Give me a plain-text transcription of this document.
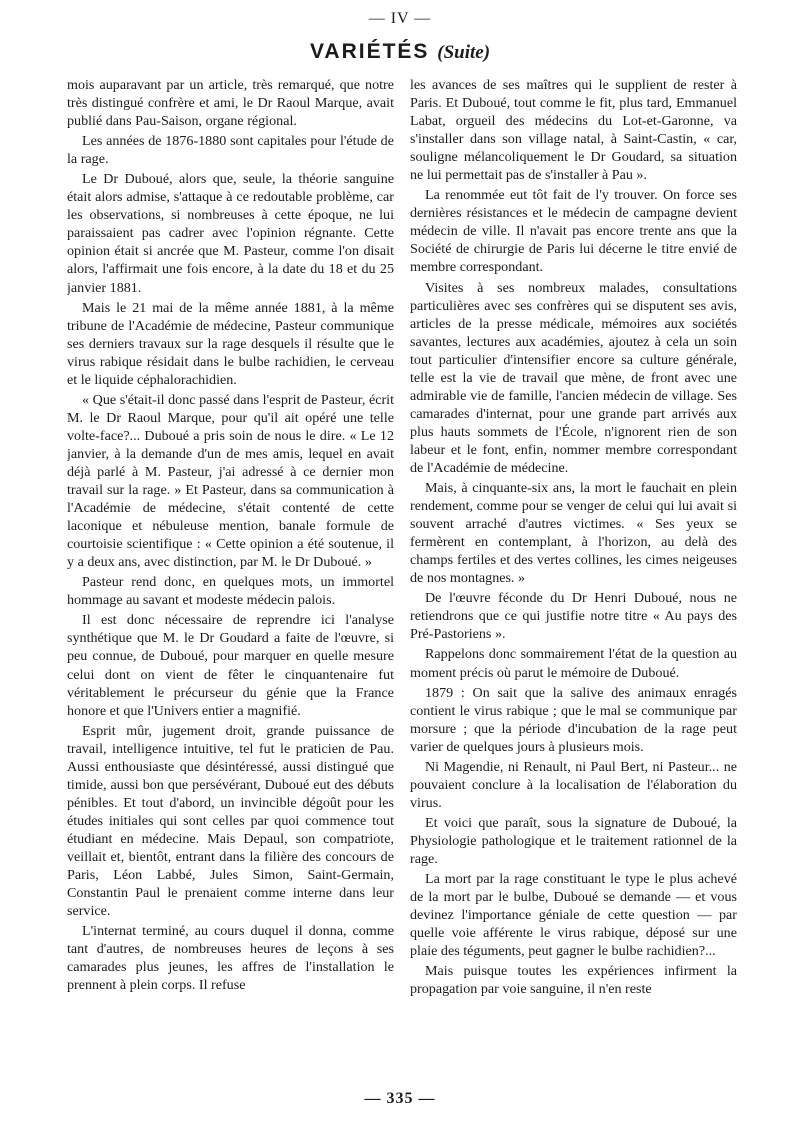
— IV —
VARIÉTÉS (Suite)

mois auparavant par un article, très remarqué, que notre très distingué confrère et ami, le Dr Raoul Marque, avait publié dans Pau-Saison, organe régional.

Les années de 1876-1880 sont capitales pour l'étude de la rage.

Le Dr Duboué, alors que, seule, la théorie sanguine était alors admise, s'attaque à ce redoutable problème, car les observations, si nombreuses à cette époque, ne lui paraissaient pas cadrer avec l'opinion régnante. Cette opinion était si ancrée que M. Pasteur, comme l'on disait alors, l'affirmait une fois encore, à la date du 18 et du 25 janvier 1881.

Mais le 21 mai de la même année 1881, à la même tribune de l'Académie de médecine, Pasteur communique ses derniers travaux sur la rage desquels il résulte que le virus rabique résidait dans le bulbe rachidien, le cerveau et le liquide céphalorachidien.

« Que s'était-il donc passé dans l'esprit de Pasteur, écrit M. le Dr Raoul Marque, pour qu'il ait opéré une telle volte-face?... Duboué a pris soin de nous le dire. « Le 12 janvier, à la demande d'un de mes amis, lequel en avait déjà parlé à M. Pasteur, j'ai adressé à ce dernier mon travail sur la rage. » Et Pasteur, dans sa communication à l'Académie de médecine, s'était contenté de cette laconique et nébuleuse mention, banale formule de courtoisie scientifique : « Cette opinion a été soutenue, il y a deux ans, avec distinction, par M. le Dr Duboué. »

Pasteur rend donc, en quelques mots, un immortel hommage au savant et modeste médecin palois.

Il est donc nécessaire de reprendre ici l'analyse synthétique que M. le Dr Goudard a faite de l'œuvre, si peu connue, de Duboué, pour marquer en quelle mesure celui dont on vient de fêter le cinquantenaire fut véritablement le précurseur du génie que la France honore et que l'Univers entier a magnifié.

Esprit mûr, jugement droit, grande puissance de travail, intelligence intuitive, tel fut le praticien de Pau. Aussi enthousiaste que désintéressé, aussi distingué que timide, aussi bon que persévérant, Duboué eut des débuts pénibles. Et tout d'abord, un invincible dégoût pour les études initiales qui sont celles par quoi commence tout étudiant en médecine. Mais Depaul, son compatriote, veillait et, bientôt, entrant dans la filière des concours de Paris, Léon Labbé, Jules Simon, Saint-Germain, Constantin Paul le prenaient comme interne dans leur service.

L'internat terminé, au cours duquel il donna, comme tant d'autres, de nombreuses heures de leçons à ses camarades plus jeunes, les affres de l'installation le prennent à plein corps. Il refuse

les avances de ses maîtres qui le supplient de rester à Paris. Et Duboué, tout comme le fit, plus tard, Emmanuel Labat, orgueil des médecins du Lot-et-Garonne, va s'installer dans son village natal, à Saint-Castin, « car, souligne mélancoliquement le Dr Goudard, sa situation ne lui permettait pas de s'installer à Pau ».

La renommée eut tôt fait de l'y trouver. On force ses dernières résistances et le médecin de campagne devient médecin de ville. Il n'avait pas encore trente ans que la Société de chirurgie de Paris lui décerne le titre envié de membre correspondant.

Visites à ses nombreux malades, consultations particulières avec ses confrères qui se disputent ses avis, articles de la presse médicale, mémoires aux sociétés savantes, lectures aux académies, ajoutez à cela un soin tout particulier d'intensifier encore sa culture générale, telle est la vie de travail que mène, de front avec une admirable vie de famille, l'ancien médecin de village. Ses camarades d'internat, pour une grande part arrivés aux plus hauts sommets de l'École, n'ignorent rien de son labeur et le font, enfin, nommer membre correspondant de l'Académie de médecine.

Mais, à cinquante-six ans, la mort le fauchait en plein rendement, comme pour se venger de celui qui lui avait si souvent arraché d'autres victimes. « Ses yeux se fermèrent en contemplant, à l'horizon, au delà des champs fertiles et des vertes collines, les cimes neigeuses de nos montagnes. »

De l'œuvre féconde du Dr Henri Duboué, nous ne retiendrons que ce qui justifie notre titre « Au pays des Pré-Pastoriens ».

Rappelons donc sommairement l'état de la question au moment précis où parut le mémoire de Duboué.

1879 : On sait que la salive des animaux enragés contient le virus rabique ; que le mal se communique par morsure ; que la période d'incubation de la rage peut varier de quelques jours à plusieurs mois.

Ni Magendie, ni Renault, ni Paul Bert, ni Pasteur... ne pouvaient conclure à la localisation de l'élaboration du virus.

Et voici que paraît, sous la signature de Duboué, la Physiologie pathologique et le traitement rationnel de la rage.

La mort par la rage constituant le type le plus achevé de la mort par le bulbe, Duboué se demande — et vous devinez l'importance géniale de cette question — par quelle voie afférente le virus rabique, déposé sur une plaie des téguments, peut gagner le bulbe rachidien?...

Mais puisque toutes les expériences infirment la propagation par voie sanguine, il n'en reste

— 335 —
